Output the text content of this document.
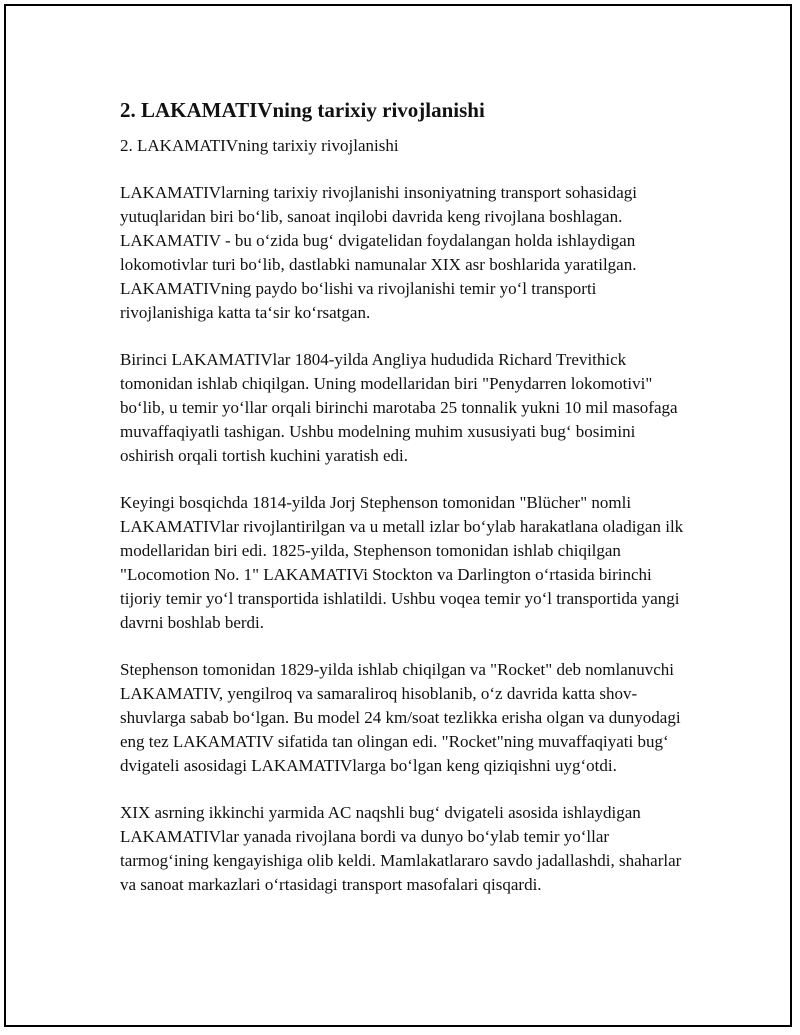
2. LAKAMATIVning tarixiy rivojlanishi

2. LAKAMATIVning tarixiy rivojlanishi

LAKAMATIVlarning tarixiy rivojlanishi insoniyatning transport sohasidagi yutuqlaridan biri bo‘lib, sanoat inqilobi davrida keng rivojlana boshlagan. LAKAMATIV - bu o‘zida bug‘ dvigatelidan foydalangan holda ishlaydigan lokomotivlar turi bo‘lib, dastlabki namunalar XIX asr boshlarida yaratilgan. LAKAMATIVning paydo bo‘lishi va rivojlanishi temir yo‘l transporti rivojlanishiga katta ta‘sir ko‘rsatgan.

Birinci LAKAMATIVlar 1804-yilda Angliya hududida Richard Trevithick tomonidan ishlab chiqilgan. Uning modellaridan biri "Penydarren lokomotivi" bo‘lib, u temir yo‘llar orqali birinchi marotaba 25 tonnalik yukni 10 mil masofaga muvaffaqiyatli tashigan. Ushbu modelning muhim xususiyati bug‘ bosimini oshirish orqali tortish kuchini yaratish edi.

Keyingi bosqichda 1814-yilda Jorj Stephenson tomonidan "Blücher" nomli LAKAMATIVlar rivojlantirilgan va u metall izlar bo‘ylab harakatlana oladigan ilk modellaridan biri edi. 1825-yilda, Stephenson tomonidan ishlab chiqilgan "Locomotion No. 1" LAKAMATIVi Stockton va Darlington o‘rtasida birinchi tijoriy temir yo‘l transportida ishlatildi. Ushbu voqea temir yo‘l transportida yangi davrni boshlab berdi.

Stephenson tomonidan 1829-yilda ishlab chiqilgan va "Rocket" deb nomlanuvchi LAKAMATIV, yengilroq va samaraliroq hisoblanib, o‘z davrida katta shov-shuvlarga sabab bo‘lgan. Bu model 24 km/soat tezlikka erisha olgan va dunyodagi eng tez LAKAMATIV sifatida tan olingan edi. "Rocket"ning muvaffaqiyati bug‘ dvigateli asosidagi LAKAMATIVlarga bo‘lgan keng qiziqishni uyg‘otdi.

XIX asrning ikkinchi yarmida AC naqshli bug‘ dvigateli asosida ishlaydigan LAKAMATIVlar yanada rivojlana bordi va dunyo bo‘ylab temir yo‘llar tarmog‘ining kengayishiga olib keldi. Mamlakatlararo savdo jadallashdi, shaharlar va sanoat markazlari o‘rtasidagi transport masofalari qisqardi.
